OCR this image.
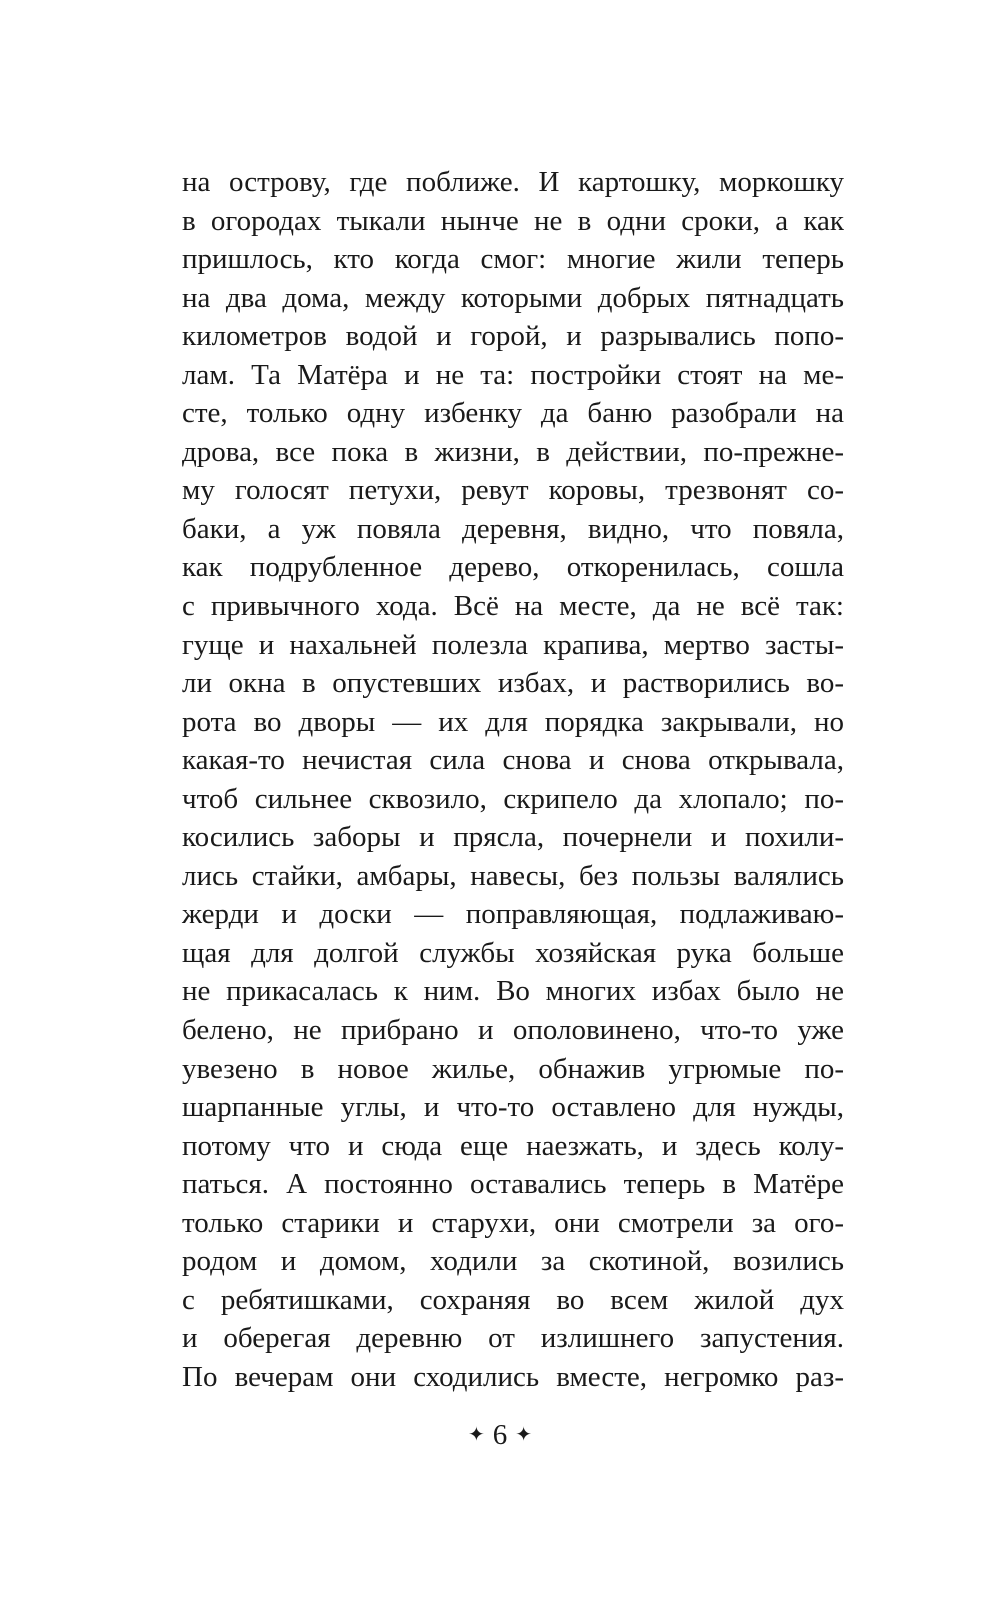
на острову, где поближе. И картошку, моркошку
в огородах тыкали нынче не в одни сроки, а как
пришлось, кто когда смог: многие жили теперь
на два дома, между которыми добрых пятнадцать
километров водой и горой, и разрывались попо-
лам. Та Матёра и не та: постройки стоят на ме-
сте, только одну избенку да баню разобрали на
дрова, все пока в жизни, в действии, по-прежне-
му голосят петухи, ревут коровы, трезвонят со-
баки, а уж повяла деревня, видно, что повяла,
как подрубленное дерево, откоренилась, сошла
с привычного хода. Всё на месте, да не всё так:
гуще и нахальней полезла крапива, мертво засты-
ли окна в опустевших избах, и растворились во-
рота во дворы — их для порядка закрывали, но
какая-то нечистая сила снова и снова открывала,
чтоб сильнее сквозило, скрипело да хлопало; по-
косились заборы и прясла, почернели и похили-
лись стайки, амбары, навесы, без пользы валялись
жерди и доски — поправляющая, подлаживаю-
щая для долгой службы хозяйская рука больше
не прикасалась к ним. Во многих избах было не
белено, не прибрано и ополовинено, что-то уже
увезено в новое жилье, обнажив угрюмые по-
шарпанные углы, и что-то оставлено для нужды,
потому что и сюда еще наезжать, и здесь колу-
паться. А постоянно оставались теперь в Матёре
только старики и старухи, они смотрели за ого-
родом и домом, ходили за скотиной, возились
с ребятишками, сохраняя во всем жилой дух
и оберегая деревню от излишнего запустения.
По вечерам они сходились вместе, негромко раз-
✦ 6 ✦
